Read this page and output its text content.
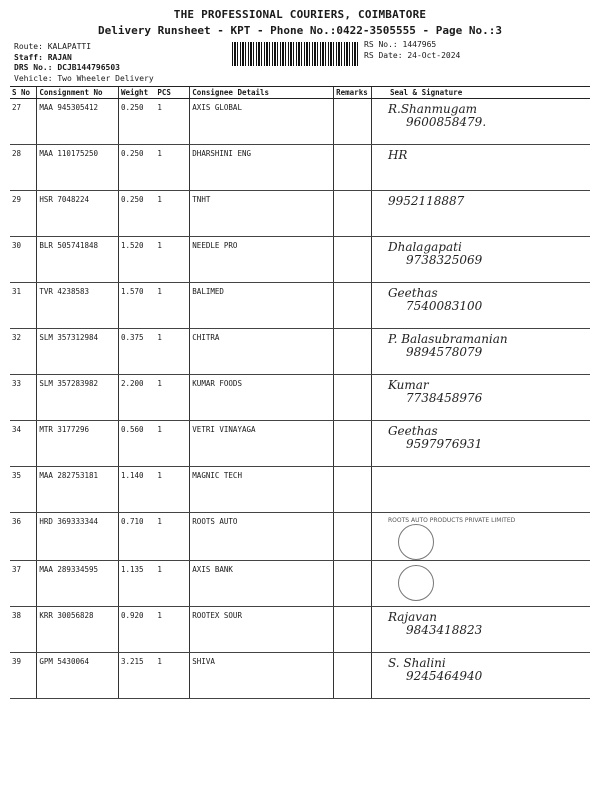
THE PROFESSIONAL COURIERS, COIMBATORE
Delivery Runsheet - KPT - Phone No.:0422-3505555 - Page No.:3
Route: KALAPATTI
Staff: RAJAN
DRS No.: DCJB144796503
Vehicle: Two Wheeler Delivery
RS No.: 1447965
RS Date: 24-Oct-2024
S No	Consignment No	Weight	PCS	Consignee Details	Remarks	Seal & Signature
27	MAA 945305412	0.250	1	AXIS GLOBAL		R.Shanmugam
9600858479.

28	MAA 110175250	0.250	1	DHARSHINI ENG		HR

29	HSR 7048224	0.250	1	TNHT		9952118887

30	BLR 505741848	1.520	1	NEEDLE PRO		Dhalagapati
9738325069

31	TVR 4238583	1.570	1	BALIMED		Geethas
7540083100

32	SLM 357312984	0.375	1	CHITRA		P. Balasubramanian
9894578079

33	SLM 357283982	2.200	1	KUMAR FOODS		Kumar
7738458976

34	MTR 3177296	0.560	1	VETRI VINAYAGA		Geethas
9597976931

35	MAA 282753181	1.140	1	MAGNIC TECH		

36	HRD 369333344	0.710	1	ROOTS AUTO		ROOTS AUTO PRODUCTS PRIVATE LIMITED

37	MAA 289334595	1.135	1	AXIS BANK		

38	KRR 30056828	0.920	1	ROOTEX SOUR		Rajavan
9843418823

39	GPM 5430064	3.215	1	SHIVA		S. Shalini
9245464940
